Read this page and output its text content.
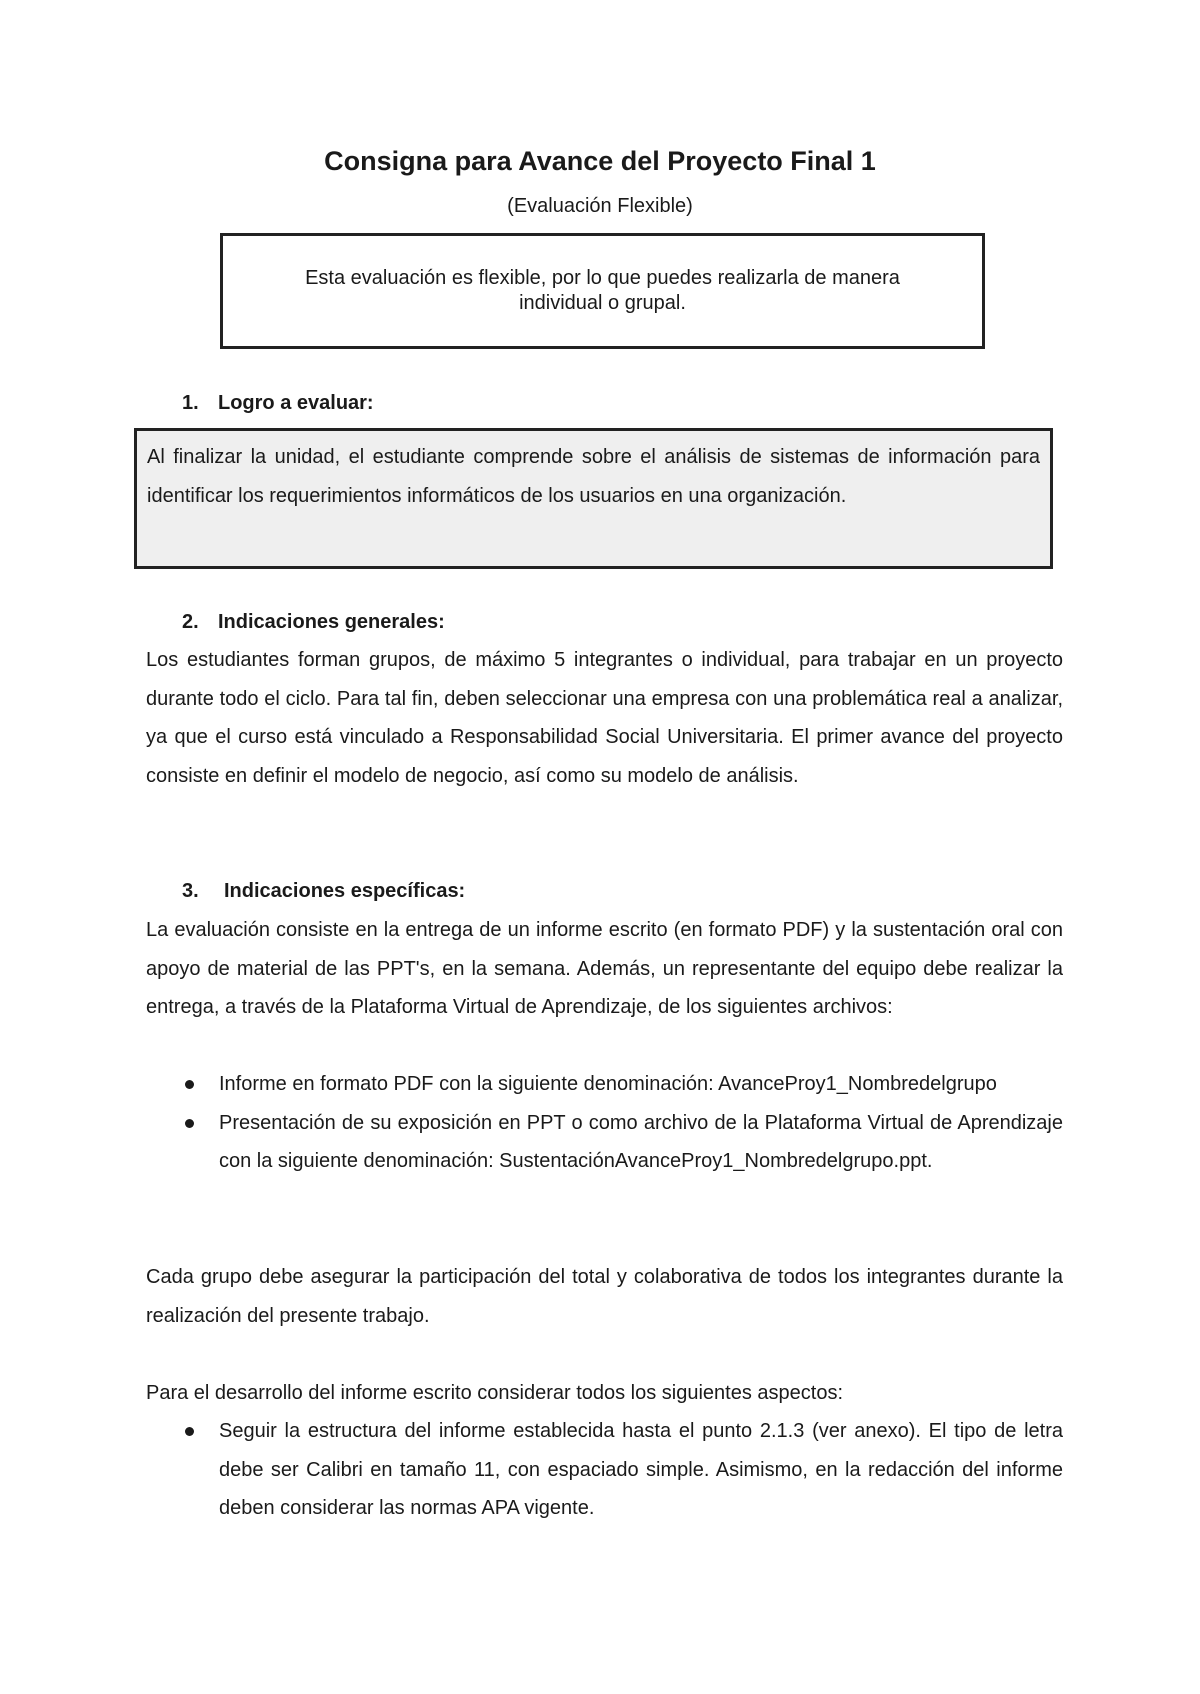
Consigna para Avance del Proyecto Final 1
(Evaluación Flexible)
Esta evaluación es flexible, por lo que puedes realizarla de manera individual o grupal.
1. Logro a evaluar:
Al finalizar la unidad, el estudiante comprende sobre el análisis de sistemas de información para identificar los requerimientos informáticos de los usuarios en una organización.
2. Indicaciones generales:
Los estudiantes forman grupos, de máximo 5 integrantes o individual, para trabajar en un proyecto durante todo el ciclo. Para tal fin, deben seleccionar una empresa con una problemática real a analizar, ya que el curso está vinculado a Responsabilidad Social Universitaria. El primer avance del proyecto consiste en definir el modelo de negocio, así como su modelo de análisis.
3. Indicaciones específicas:
La evaluación consiste en la entrega de un informe escrito (en formato PDF) y la sustentación oral con apoyo de material de las PPT's, en la semana. Además, un representante del equipo debe realizar la entrega, a través de la Plataforma Virtual de Aprendizaje, de los siguientes archivos:
Informe en formato PDF con la siguiente denominación: AvanceProy1_Nombredelgrupo
Presentación de su exposición en PPT o como archivo de la Plataforma Virtual de Aprendizaje con la siguiente denominación: SustentaciónAvanceProy1_Nombredelgrupo.ppt.
Cada grupo debe asegurar la participación del total y colaborativa de todos los integrantes durante la realización del presente trabajo.
Para el desarrollo del informe escrito considerar todos los siguientes aspectos:
Seguir la estructura del informe establecida hasta el punto 2.1.3 (ver anexo). El tipo de letra debe ser Calibri en tamaño 11, con espaciado simple. Asimismo, en la redacción del informe deben considerar las normas APA vigente.
